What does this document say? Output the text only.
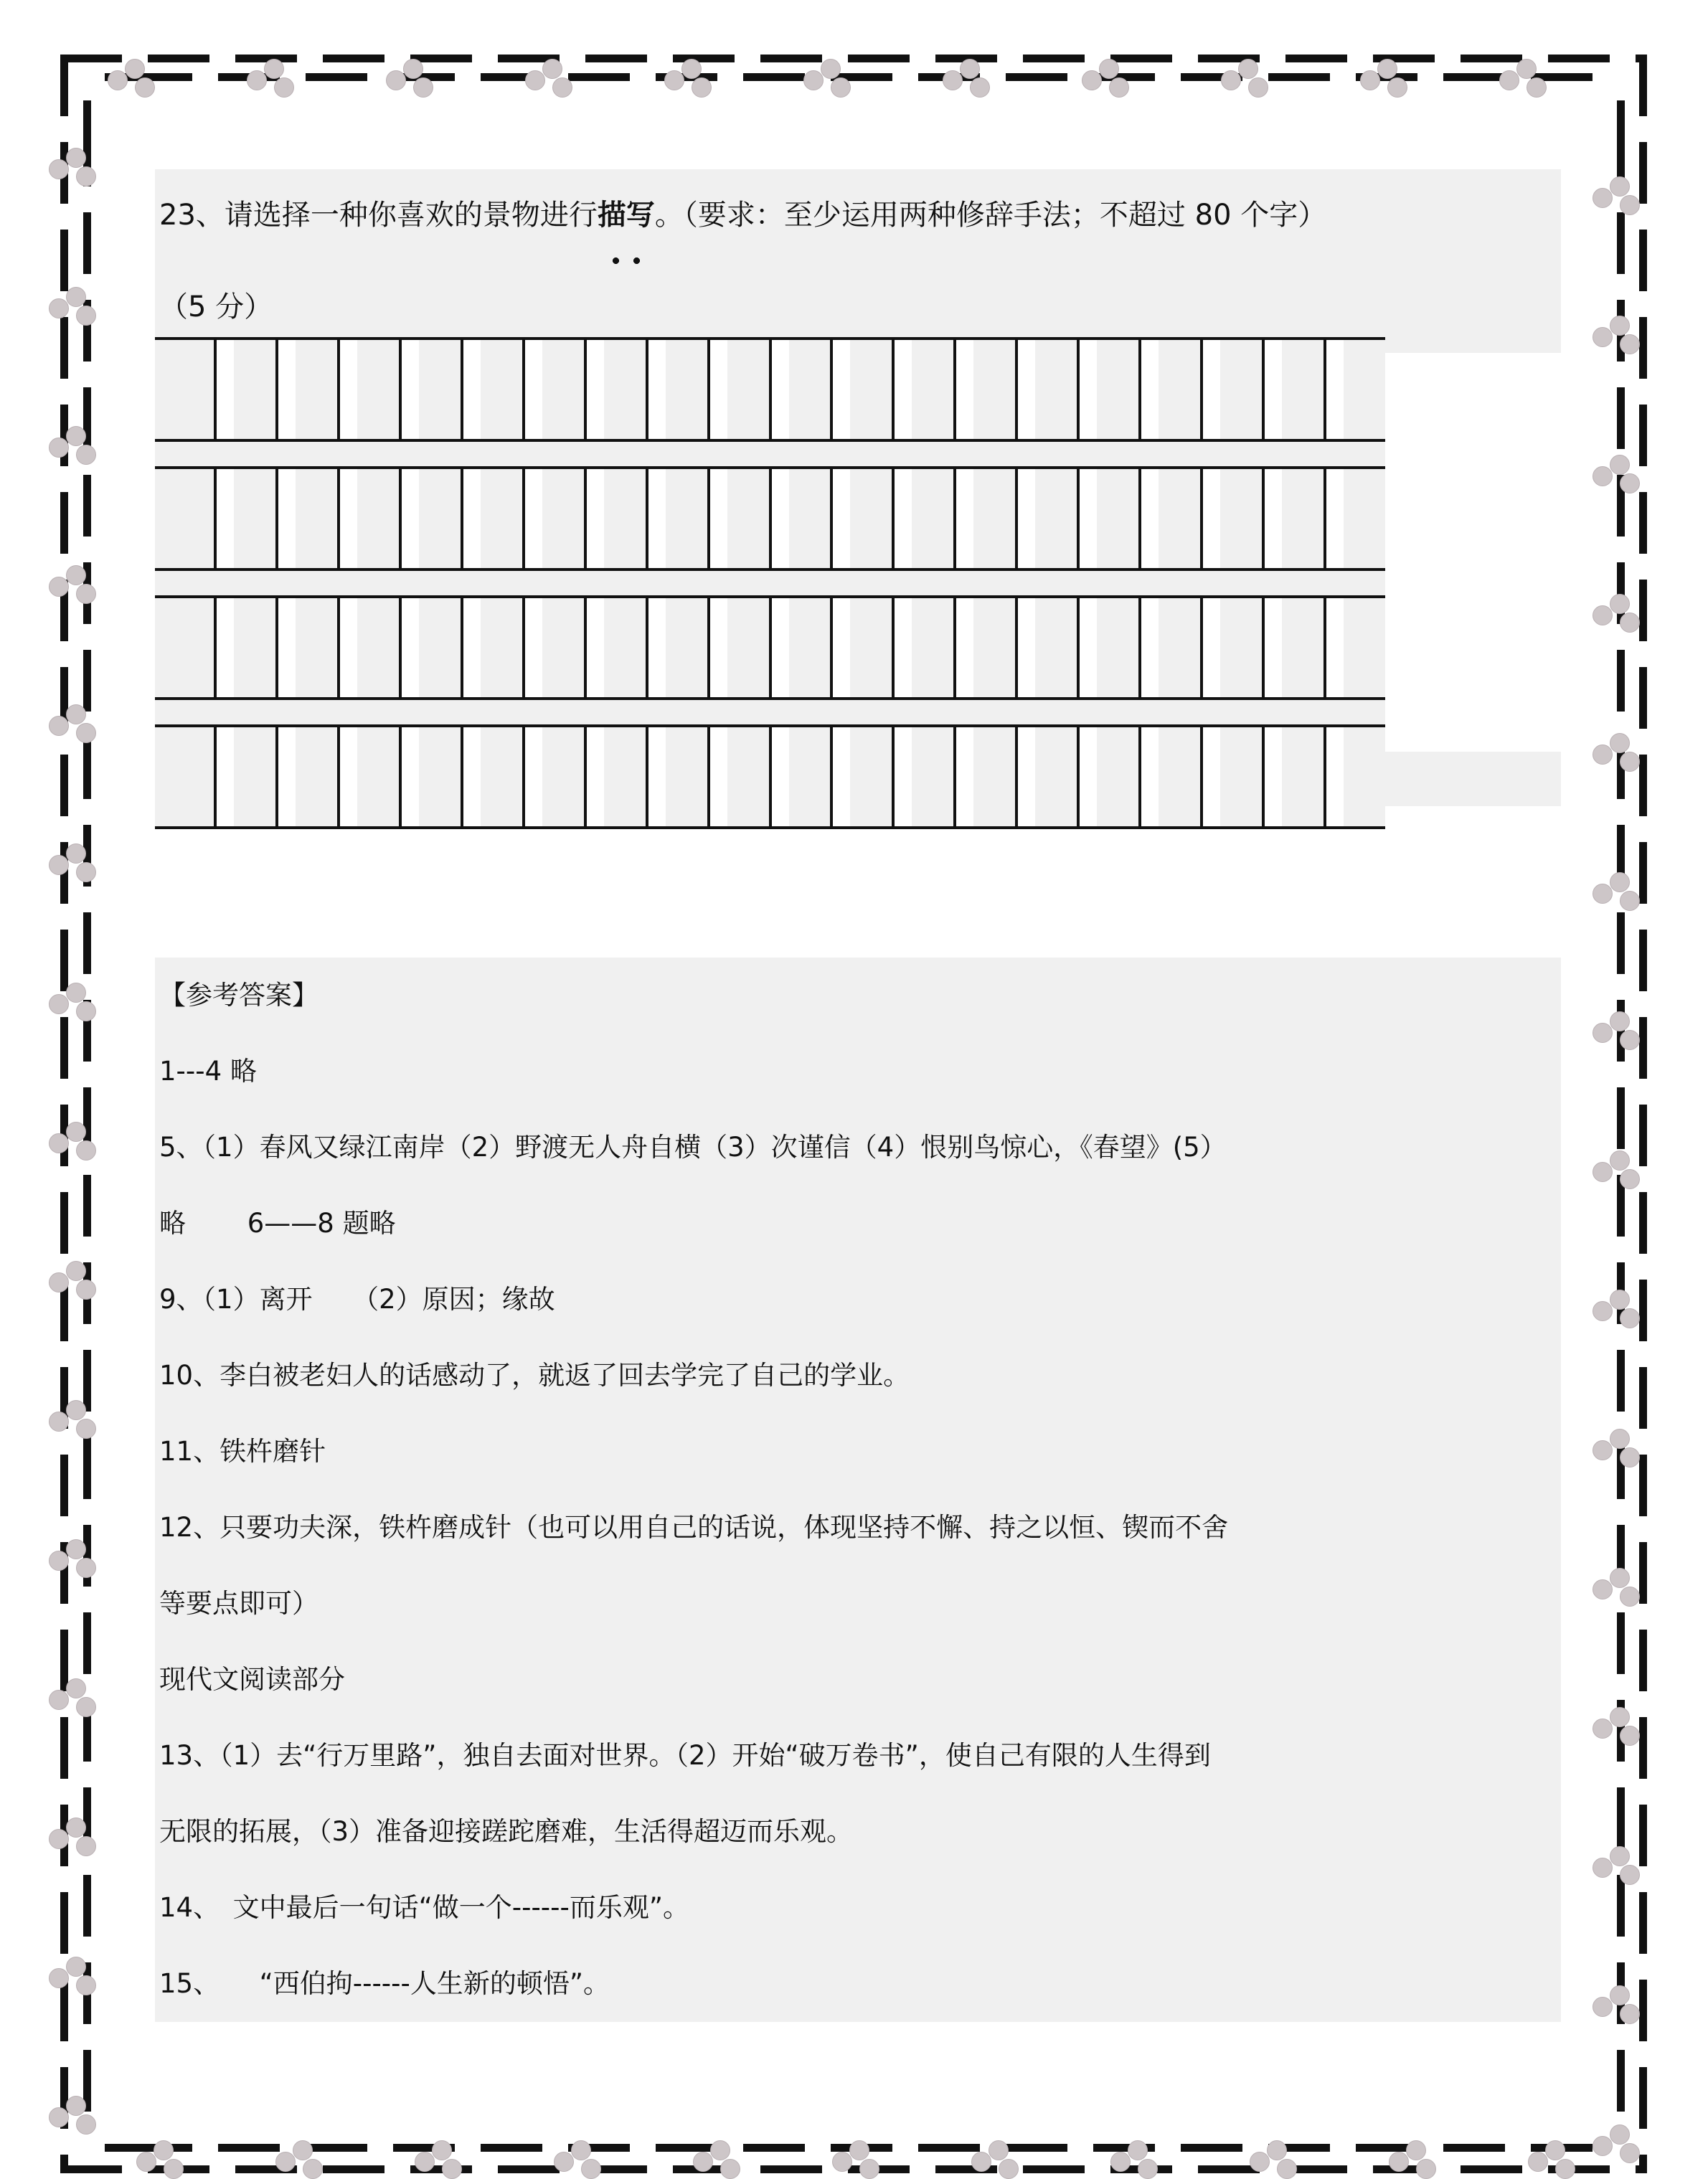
23、请选择一种你喜欢的景物进行描写。（要求：至少运用两种修辞手法；不超过 80 个字）
（5 分）
【参考答案】
1---4 略
5、（1）春风又绿江南岸（2）野渡无人舟自横（3）次谨信（4）恨别鸟惊心，《春望》(5）
略　　 6——8 题略
9、（1）离开　　（2）原因；缘故
10、李白被老妇人的话感动了，就返了回去学完了自己的学业。
11、铁杵磨针
12、只要功夫深，铁杵磨成针（也可以用自己的话说，体现坚持不懈、持之以恒、锲而不舍
等要点即可）
现代文阅读部分
13、（1）去“行万里路”，独自去面对世界。（2）开始“破万卷书”，使自己有限的人生得到
无限的拓展，（3）准备迎接蹉跎磨难，生活得超迈而乐观。
14、　文中最后一句话“做一个------而乐观”。
15、　　“西伯拘------人生新的顿悟”。
快传号 / 凤翔九天与众不
